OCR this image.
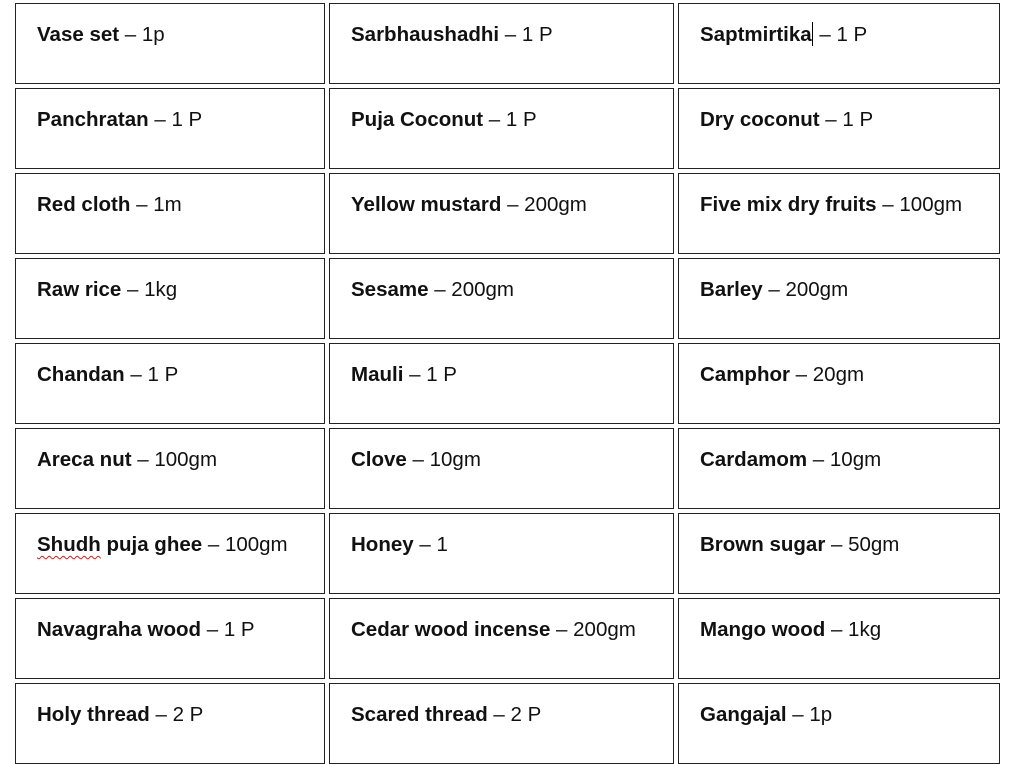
Vase set – 1p	Sarbhaushadhi – 1 P	Saptmirtika – 1 P
Panchratan – 1 P	Puja Coconut – 1 P	Dry coconut – 1 P
Red cloth – 1m	Yellow mustard – 200gm	Five mix dry fruits – 100gm
Raw rice – 1kg	Sesame – 200gm	Barley – 200gm
Chandan – 1 P	Mauli – 1 P	Camphor – 20gm
Areca nut – 100gm	Clove – 10gm	Cardamom – 10gm
Shudh puja ghee – 100gm	Honey – 1	Brown sugar – 50gm
Navagraha wood – 1 P	Cedar wood incense – 200gm	Mango wood – 1kg
Holy thread – 2 P	Scared thread – 2 P	Gangajal – 1p
